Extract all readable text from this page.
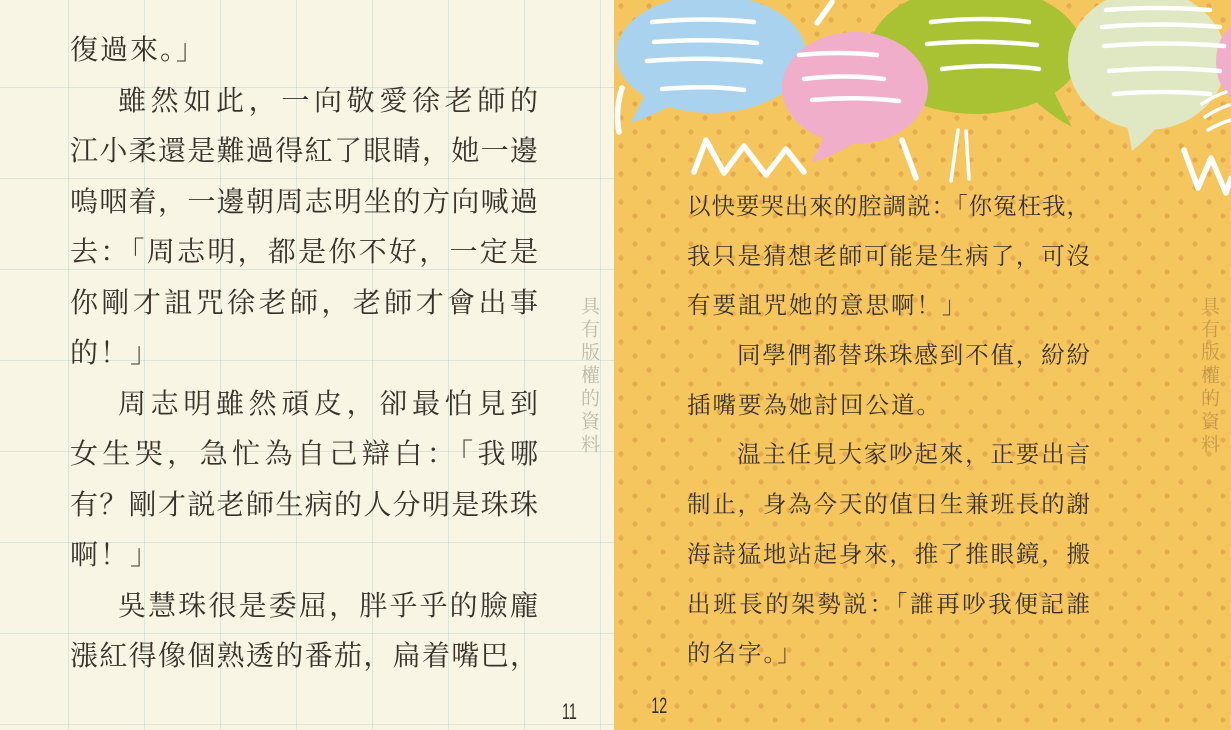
復過來。」
雖然如此，一向敬愛徐老師的
江小柔還是難過得紅了眼睛，她一邊
嗚咽着，一邊朝周志明坐的方向喊過
去：「周志明，都是你不好，一定是
你剛才詛咒徐老師，老師才會出事
的！」
周志明雖然頑皮，卻最怕見到
女生哭，急忙為自己辯白：「我哪
有？剛才説老師生病的人分明是珠珠
啊！」
吳慧珠很是委屈，胖乎乎的臉龐
漲紅得像個熟透的番茄，扁着嘴巴，
以快要哭出來的腔調説：「你冤枉我，
我只是猜想老師可能是生病了，可沒
有要詛咒她的意思啊！」
同學們都替珠珠感到不值，紛紛
插嘴要為她討回公道。
温主任見大家吵起來，正要出言
制止，身為今天的值日生兼班長的謝
海詩猛地站起身來，推了推眼鏡，搬
出班長的架勢説：「誰再吵我便記誰
的名字。」
具有版權的資料	具有版權的資料
11	12
